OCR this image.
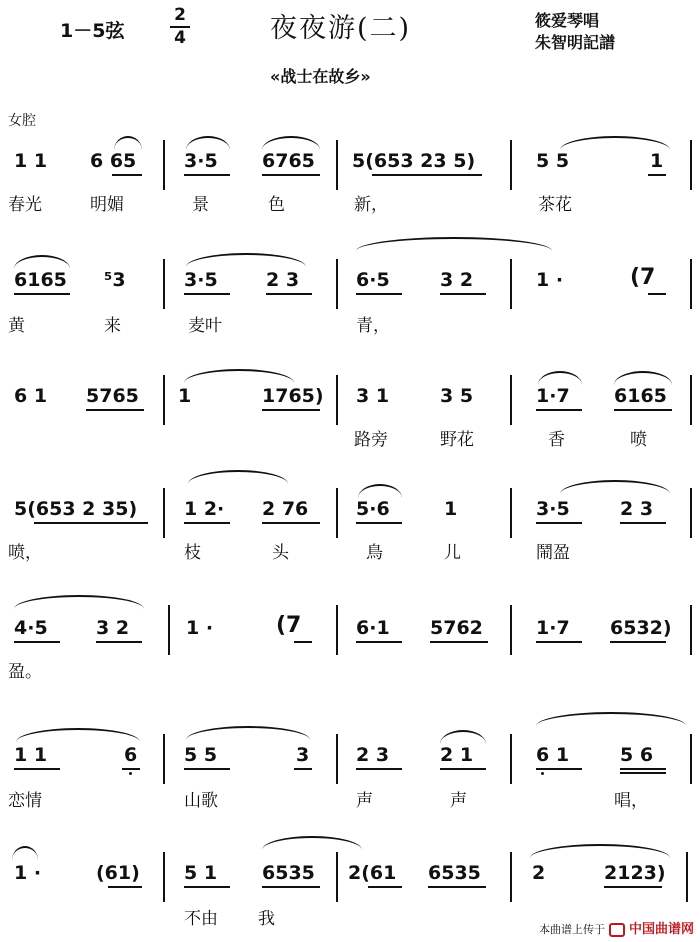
1－5弦
2
4	夜夜游(二)	筱爱琴唱
朱智明記譜
«战士在故乡»
女腔
1 1 6 65	3·5 6765 5(653 23 5)	5 5	1
春光	明媚	景	色	新，	茶花
6165 ⁵3	3·5	2 3	6·5	3 2	1 ·	(7
黄	来	麦叶	青，
6 1 5765 1	1765) 3 1	3 5	1·7 6165
路旁	野花	香	喷
5(653 2 35) 1 2· 2 76	5·6	1	3·5	2 3
喷，	枝	头	鳥	儿	鬧盈
4·5	3 2	1 ·	(7	6·1 5762	1·7 6532)
盈。
1 1	6 5 5	3 2 3	2 1	6 1	5 6
恋情	山歌	声	声	唱，
1 ·	(61) 5 1 6535 2(61 6535	2	2123)
不由 我
本曲谱上传于 中国曲谱网
